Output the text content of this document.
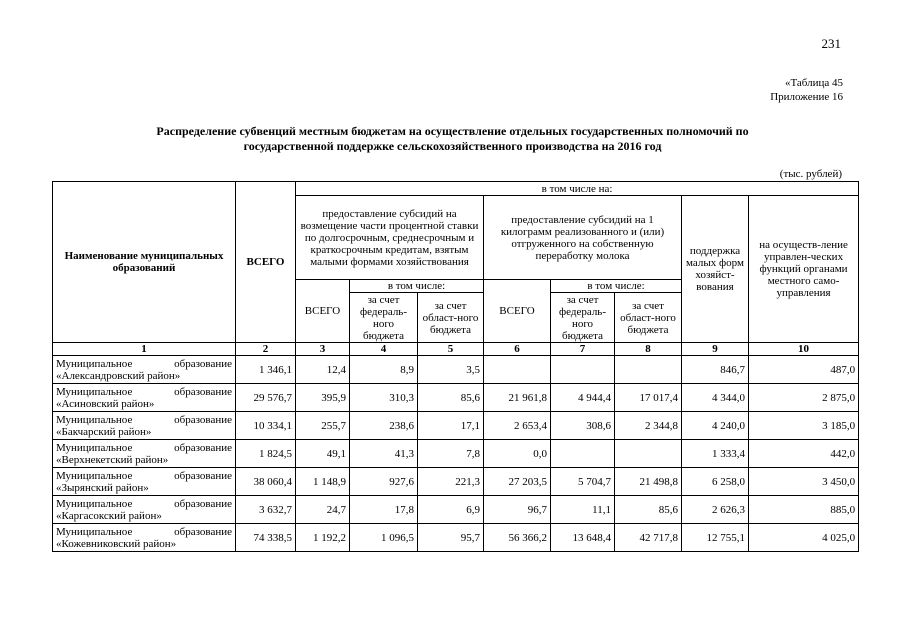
231
«Таблица 45
Приложение 16
Распределение субвенций местным бюджетам на осуществление отдельных государственных полномочий по
государственной поддержке сельскохозяйственного производства на 2016 год
(тыс. рублей)
Наименование муниципальных образований	ВСЕГО	в том числе на:							
		предоставление субсидий на возмещение части процентной ставки по долгосрочным, среднесрочным и краткосрочным кредитам, взятым малыми формами хозяйствования			предоставление субсидий на 1 килограмм реализованного и (или) отгруженного на собственную переработку молока			поддержка малых форм хозяйст-вования	на осуществ-ление управлен-ческих функций органами местного само-управления
		ВСЕГО	в том числе:		ВСЕГО	в том числе:			
			за счет федераль-ного бюджета	за счет област-ного бюджета		за счет федераль-ного бюджета	за счет област-ного бюджета		
1	2	3	4	5	6	7	8	9	10

Муниципальное образование
«Александровский район»	1 346,1	12,4	8,9	3,5				846,7	487,0

Муниципальное образование
«Асиновский район»	29 576,7	395,9	310,3	85,6	21 961,8	4 944,4	17 017,4	4 344,0	2 875,0

Муниципальное образование
«Бакчарский район»	10 334,1	255,7	238,6	17,1	2 653,4	308,6	2 344,8	4 240,0	3 185,0

Муниципальное образование
«Верхнекетский район»	1 824,5	49,1	41,3	7,8	0,0			1 333,4	442,0

Муниципальное образование
«Зырянский район»	38 060,4	1 148,9	927,6	221,3	27 203,5	5 704,7	21 498,8	6 258,0	3 450,0

Муниципальное образование
«Каргасокский район»	3 632,7	24,7	17,8	6,9	96,7	11,1	85,6	2 626,3	885,0

Муниципальное образование
«Кожевниковский район»	74 338,5	1 192,2	1 096,5	95,7	56 366,2	13 648,4	42 717,8	12 755,1	4 025,0
